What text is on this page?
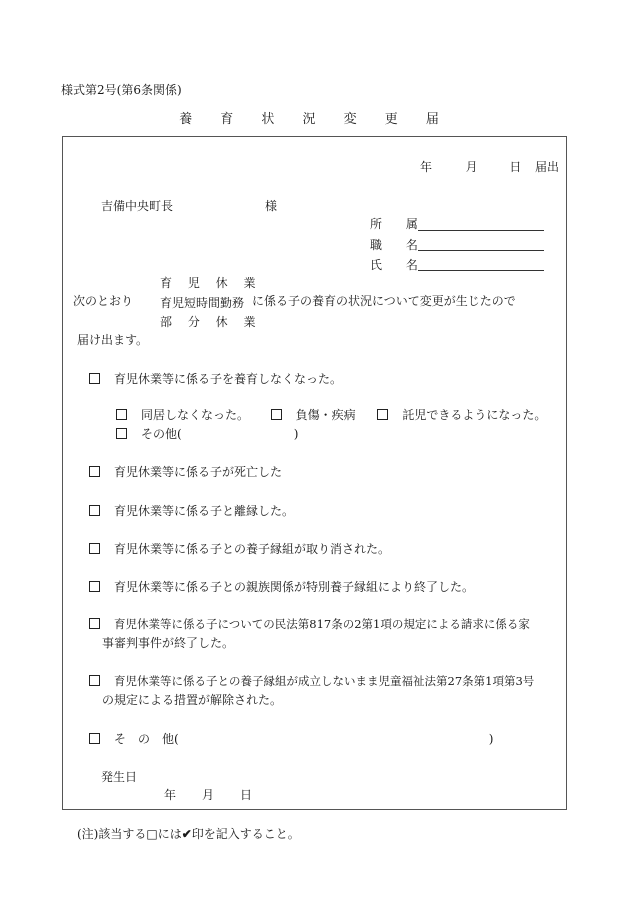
様式第2号(第6条関係)
養 育 状 況 変 更 届
年	月	日 届出
吉備中央町長	様
所 属
職 名
氏 名
育 児 休 業
次のとおり 育児短時間勤務 に係る子の養育の状況について変更が生じたので
部 分 休 業
届け出ます。
育児休業等に係る子を養育しなくなった。
同居しなくなった。	負傷・疾病	託児できるようになった。
その他(	)
育児休業等に係る子が死亡した
育児休業等に係る子と離縁した。
育児休業等に係る子との養子縁組が取り消された。
育児休業等に係る子との親族関係が特別養子縁組により終了した。
育児休業等に係る子についての民法第817条の2第1項の規定による請求に係る家
事審判事件が終了した。
育児休業等に係る子との養子縁組が成立しないまま児童福祉法第27条第1項第3号
の規定による措置が解除された。
そ　の　他(	)
発生日
年 月 日
(注)該当する□には✔印を記入すること。
